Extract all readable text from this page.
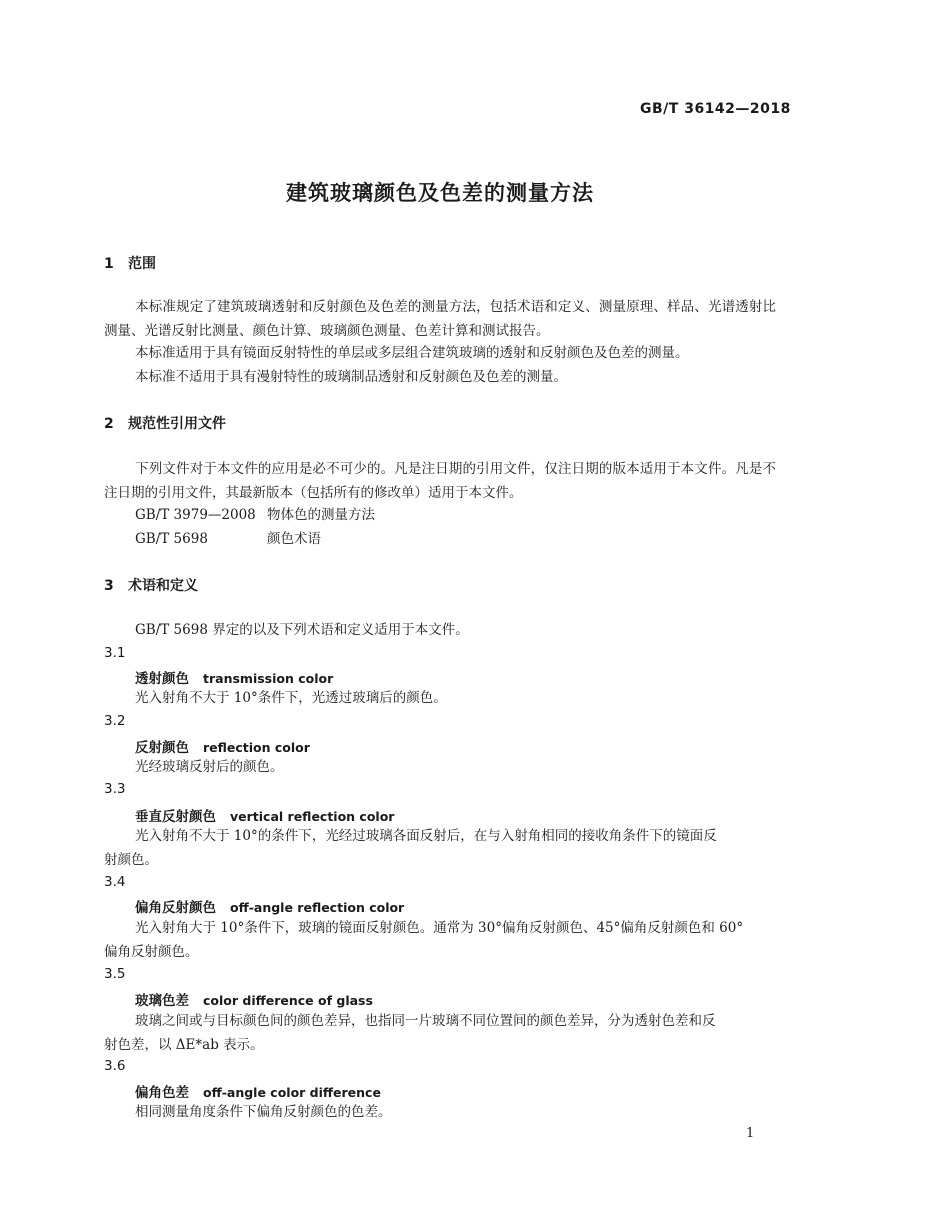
GB/T 36142—2018
建筑玻璃颜色及色差的测量方法
1 范围
本标准规定了建筑玻璃透射和反射颜色及色差的测量方法，包括术语和定义、测量原理、样品、光谱透射比测量、光谱反射比测量、颜色计算、玻璃颜色测量、色差计算和测试报告。
本标准适用于具有镜面反射特性的单层或多层组合建筑玻璃的透射和反射颜色及色差的测量。
本标准不适用于具有漫射特性的玻璃制品透射和反射颜色及色差的测量。
2 规范性引用文件
下列文件对于本文件的应用是必不可少的。凡是注日期的引用文件，仅注日期的版本适用于本文件。凡是不注日期的引用文件，其最新版本（包括所有的修改单）适用于本文件。
GB/T 3979—2008 物体色的测量方法
GB/T 5698	颜色术语
3 术语和定义
GB/T 5698 界定的以及下列术语和定义适用于本文件。
3.1
透射颜色 transmission color
光入射角不大于 10°条件下，光透过玻璃后的颜色。
3.2
反射颜色 reflection color
光经玻璃反射后的颜色。
3.3
垂直反射颜色 vertical reflection color
光入射角不大于 10°的条件下，光经过玻璃各面反射后，在与入射角相同的接收角条件下的镜面反
射颜色。
3.4
偏角反射颜色 off-angle reflection color
光入射角大于 10°条件下，玻璃的镜面反射颜色。通常为 30°偏角反射颜色、45°偏角反射颜色和 60°
偏角反射颜色。
3.5
玻璃色差 color difference of glass
玻璃之间或与目标颜色间的颜色差异，也指同一片玻璃不同位置间的颜色差异，分为透射色差和反
射色差，以 ΔE*ab 表示。
3.6
偏角色差 off-angle color difference
相同测量角度条件下偏角反射颜色的色差。
1
